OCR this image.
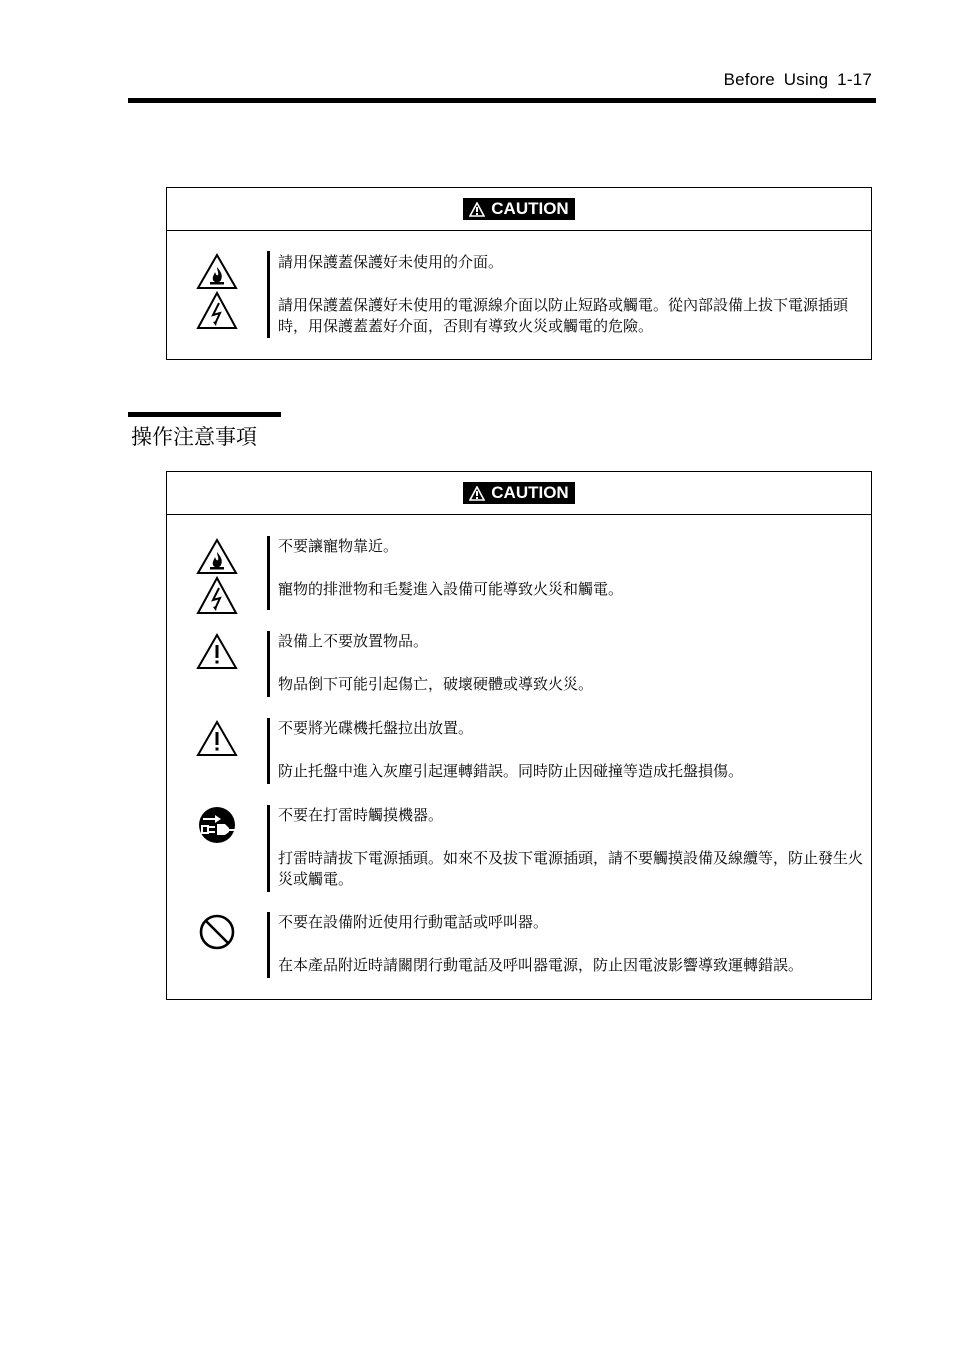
Before Using 1-17
CAUTION

請用保護蓋保護好未使用的介面。

請用保護蓋保護好未使用的電源線介面以防止短路或觸電。從內部設備上拔下電源插頭時，用保護蓋蓋好介面，否則有導致火災或觸電的危險。

操作注意事項
CAUTION

不要讓寵物靠近。

寵物的排泄物和毛髮進入設備可能導致火災和觸電。

設備上不要放置物品。

物品倒下可能引起傷亡，破壞硬體或導致火災。

不要將光碟機托盤拉出放置。

防止托盤中進入灰塵引起運轉錯誤。同時防止因碰撞等造成托盤損傷。

不要在打雷時觸摸機器。

打雷時請拔下電源插頭。如來不及拔下電源插頭，請不要觸摸設備及線纜等，防止發生火災或觸電。

不要在設備附近使用行動電話或呼叫器。

在本產品附近時請關閉行動電話及呼叫器電源，防止因電波影響導致運轉錯誤。
